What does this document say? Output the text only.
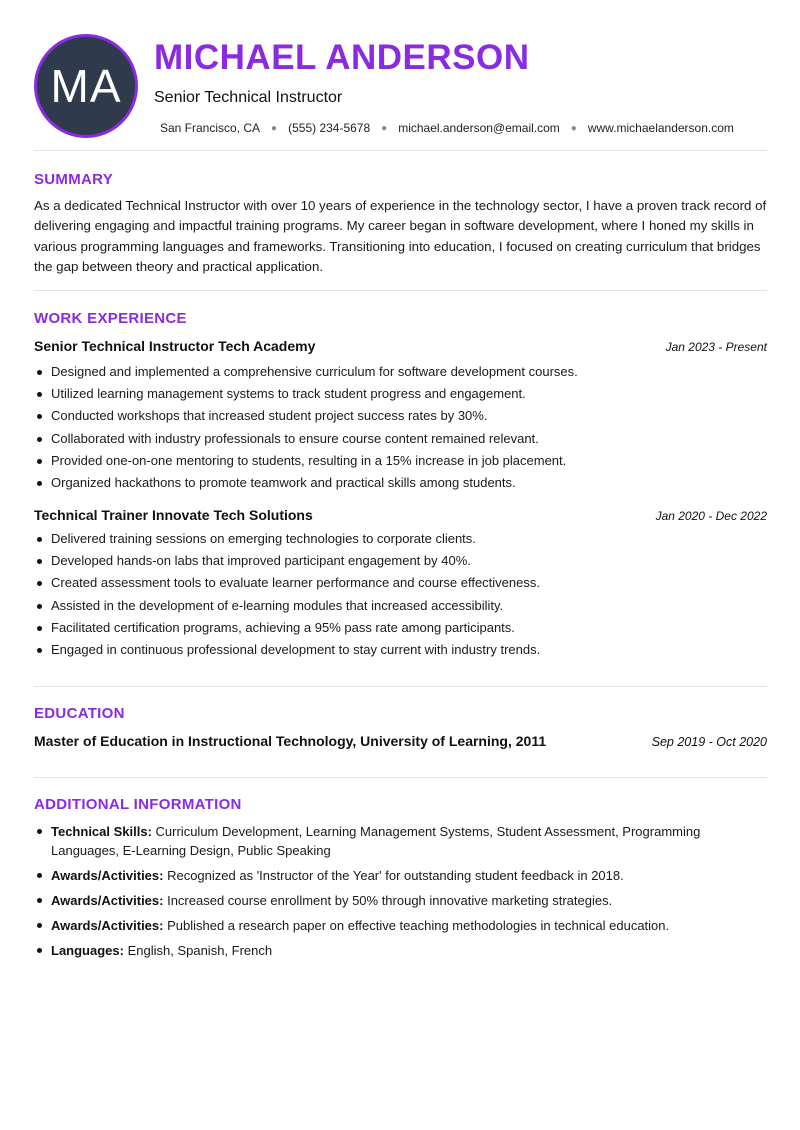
MA
MICHAEL ANDERSON
Senior Technical Instructor
San Francisco, CA ● (555) 234-5678 ● michael.anderson@email.com ● www.michaelanderson.com
SUMMARY

As a dedicated Technical Instructor with over 10 years of experience in the technology sector, I have a proven track record of delivering engaging and impactful training programs. My career began in software development, where I honed my skills in various programming languages and frameworks. Transitioning into education, I focused on creating curriculum that bridges the gap between theory and practical application.

WORK EXPERIENCE
Senior Technical Instructor Tech Academy	Jan 2023 - Present
Designed and implemented a comprehensive curriculum for software development courses.
Utilized learning management systems to track student progress and engagement.
Conducted workshops that increased student project success rates by 30%.
Collaborated with industry professionals to ensure course content remained relevant.
Provided one-on-one mentoring to students, resulting in a 15% increase in job placement.
Organized hackathons to promote teamwork and practical skills among students.
Technical Trainer Innovate Tech Solutions	Jan 2020 - Dec 2022
Delivered training sessions on emerging technologies to corporate clients.
Developed hands-on labs that improved participant engagement by 40%.
Created assessment tools to evaluate learner performance and course effectiveness.
Assisted in the development of e-learning modules that increased accessibility.
Facilitated certification programs, achieving a 95% pass rate among participants.
Engaged in continuous professional development to stay current with industry trends.
EDUCATION
Master of Education in Instructional Technology, University of Learning, 2011	Sep 2019 - Oct 2020
ADDITIONAL INFORMATION
Technical Skills: Curriculum Development, Learning Management Systems, Student Assessment, Programming Languages, E-Learning Design, Public Speaking
Awards/Activities: Recognized as 'Instructor of the Year' for outstanding student feedback in 2018.
Awards/Activities: Increased course enrollment by 50% through innovative marketing strategies.
Awards/Activities: Published a research paper on effective teaching methodologies in technical education.
Languages: English, Spanish, French
